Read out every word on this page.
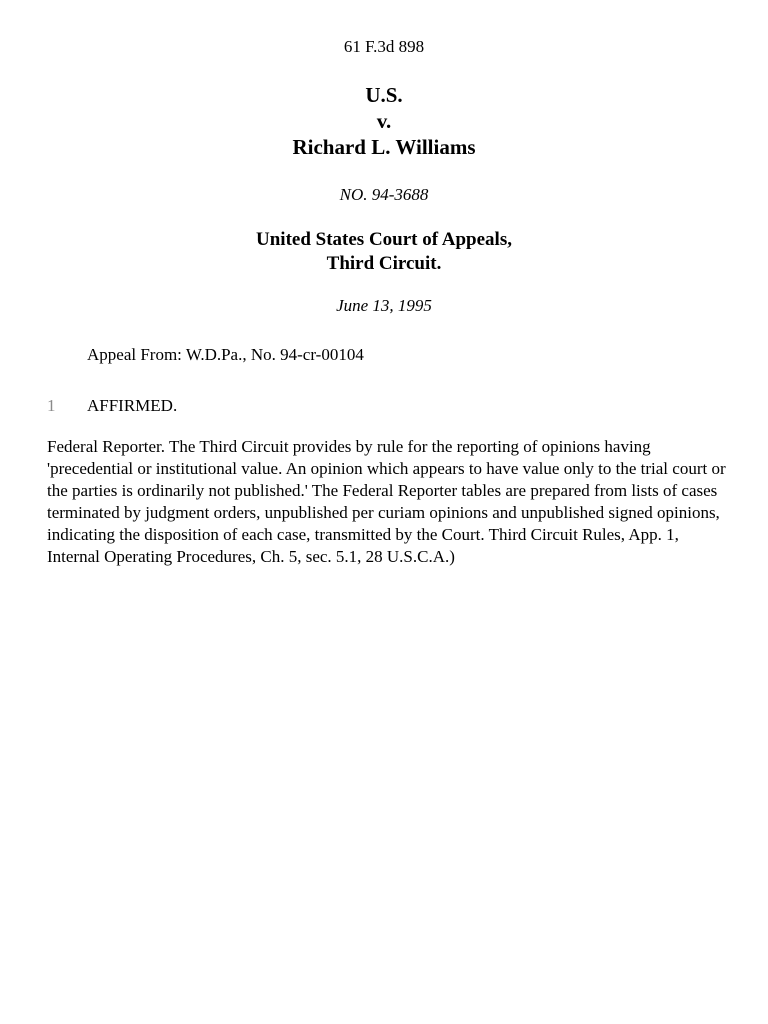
61 F.3d 898
U.S.
v.
Richard L. Williams
NO. 94-3688
United States Court of Appeals,
Third Circuit.
June 13, 1995
Appeal From: W.D.Pa., No. 94-cr-00104
1 AFFIRMED.
Federal Reporter. The Third Circuit provides by rule for the reporting of opinions having 'precedential or institutional value. An opinion which appears to have value only to the trial court or the parties is ordinarily not published.' The Federal Reporter tables are prepared from lists of cases terminated by judgment orders, unpublished per curiam opinions and unpublished signed opinions, indicating the disposition of each case, transmitted by the Court. Third Circuit Rules, App. 1, Internal Operating Procedures, Ch. 5, sec. 5.1, 28 U.S.C.A.)
